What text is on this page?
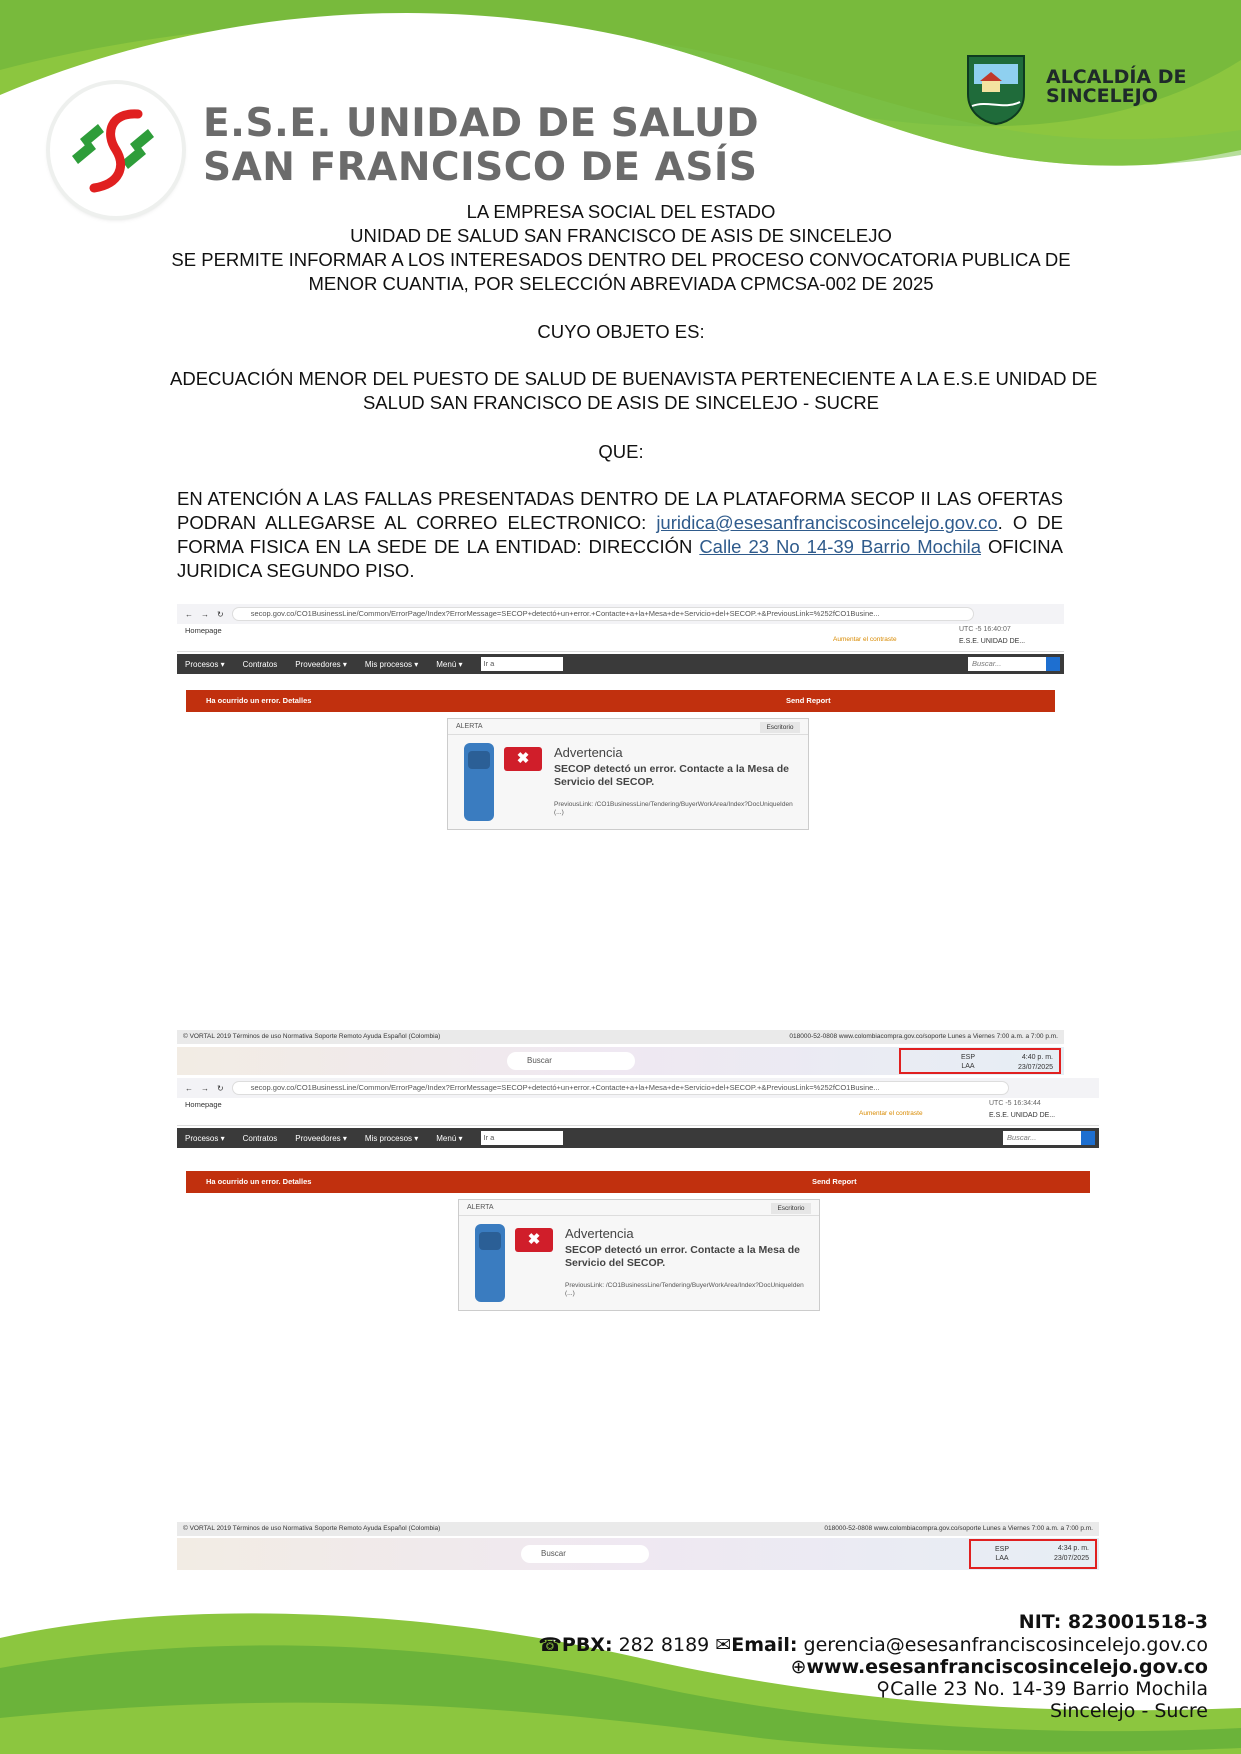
E.S.E. UNIDAD DE SALUD
SAN FRANCISCO DE ASÍS
ALCALDÍA DE
SINCELEJO
LA EMPRESA SOCIAL DEL ESTADO
UNIDAD DE SALUD SAN FRANCISCO DE ASIS DE SINCELEJO
SE PERMITE INFORMAR A LOS INTERESADOS DENTRO DEL PROCESO CONVOCATORIA PUBLICA DE
MENOR CUANTIA, POR SELECCIÓN ABREVIADA CPMCSA-002 DE 2025
CUYO OBJETO ES:
ADECUACIÓN MENOR DEL PUESTO DE SALUD DE BUENAVISTA PERTENECIENTE A LA E.S.E UNIDAD DE
SALUD SAN FRANCISCO DE ASIS DE SINCELEJO - SUCRE
QUE:
EN ATENCIÓN A LAS FALLAS PRESENTADAS DENTRO DE LA PLATAFORMA SECOP II LAS OFERTAS PODRAN ALLEGARSE AL CORREO ELECTRONICO: juridica@esesanfranciscosincelejo.gov.co. O DE FORMA FISICA EN LA SEDE DE LA ENTIDAD: DIRECCIÓN Calle 23 No 14-39 Barrio Mochila OFICINA JURIDICA SEGUNDO PISO.
← → ↻	secop.gov.co/CO1BusinessLine/Common/ErrorPage/Index?ErrorMessage=SECOP+detectó+un+error.+Contacte+a+la+Mesa+de+Servicio+del+SECOP.+&PreviousLink=%252fCO1Busine...
Homepage
Aumentar el contraste
UTC -5 16:40:07
E.S.E. UNIDAD DE...
Procesos ▾ Contratos Proveedores ▾ Mis procesos ▾ Menú ▾	Ir a	Buscar...
Ha ocurrido un error. Detalles	Send Report
ALERTA	Escritorio
✖	Advertencia
SECOP detectó un error. Contacte a la Mesa de Servicio del SECOP.
PreviousLink: /CO1BusinessLine/Tendering/BuyerWorkArea/Index?DocUniqueIden (...)
© VORTAL 2019 Términos de uso Normativa Soporte Remoto Ayuda Español (Colombia)	018000-52-0808 www.colombiacompra.gov.co/soporte Lunes a Viernes 7:00 a.m. a 7:00 p.m.
Buscar	ESP LAA
4:40 p. m.
23/07/2025
← → ↻	secop.gov.co/CO1BusinessLine/Common/ErrorPage/Index?ErrorMessage=SECOP+detectó+un+error.+Contacte+a+la+Mesa+de+Servicio+del+SECOP.+&PreviousLink=%252fCO1Busine...
Homepage
Aumentar el contraste
UTC -5 16:34:44
E.S.E. UNIDAD DE...
Procesos ▾ Contratos Proveedores ▾ Mis procesos ▾ Menú ▾	Ir a	Buscar...
Ha ocurrido un error. Detalles	Send Report
ALERTA	Escritorio
✖	Advertencia
SECOP detectó un error. Contacte a la Mesa de Servicio del SECOP.
PreviousLink: /CO1BusinessLine/Tendering/BuyerWorkArea/Index?DocUniqueIden (...)
© VORTAL 2019 Términos de uso Normativa Soporte Remoto Ayuda Español (Colombia)	018000-52-0808 www.colombiacompra.gov.co/soporte Lunes a Viernes 7:00 a.m. a 7:00 p.m.
Buscar	ESP LAA
4:34 p. m.
23/07/2025
NIT: 823001518-3
☎PBX: 282 8189 ✉Email: gerencia@esesanfranciscosincelejo.gov.co
⊕www.esesanfranciscosincelejo.gov.co
⚲Calle 23 No. 14-39 Barrio Mochila
Sincelejo - Sucre
